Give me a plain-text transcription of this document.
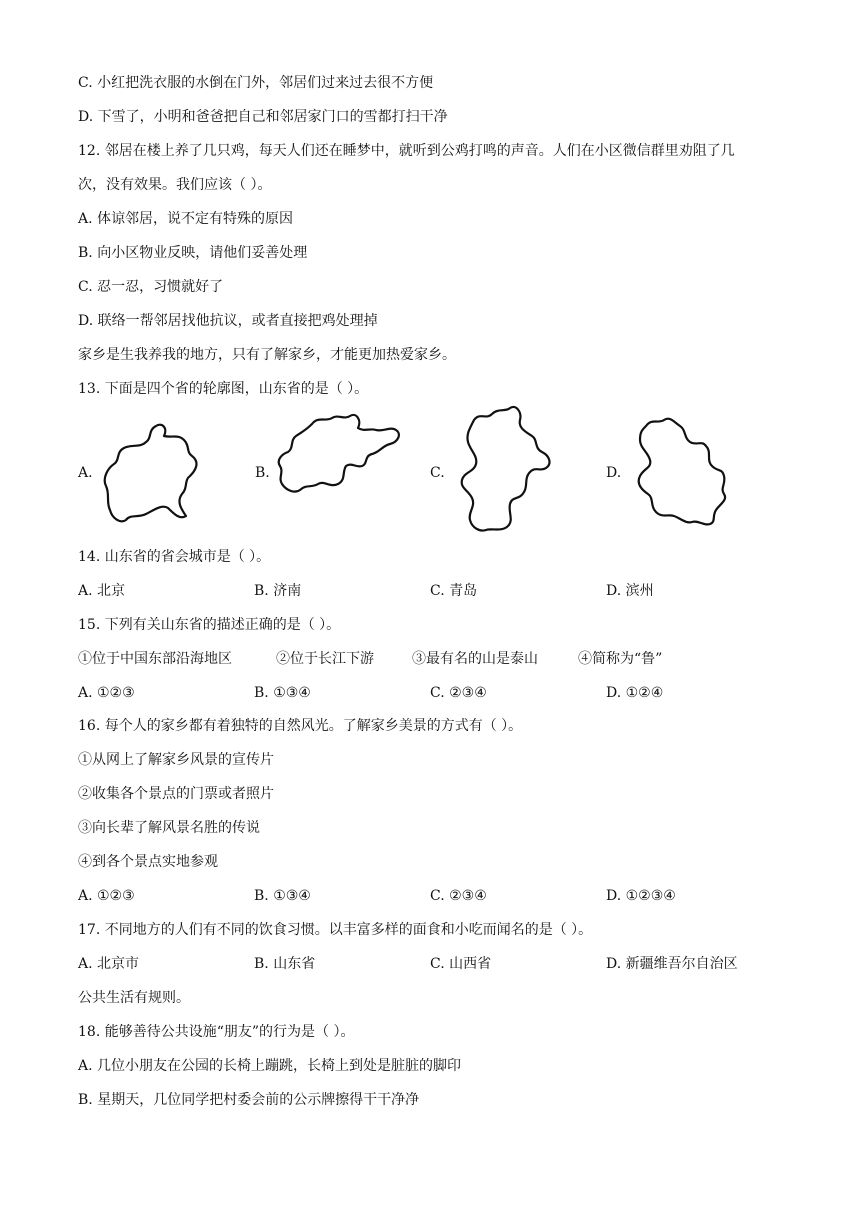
C. 小红把洗衣服的水倒在门外，邻居们过来过去很不方便
D. 下雪了，小明和爸爸把自己和邻居家门口的雪都打扫干净
12. 邻居在楼上养了几只鸡，每天人们还在睡梦中，就听到公鸡打鸣的声音。人们在小区微信群里劝阻了几
次，没有效果。我们应该（ ）。
A. 体谅邻居，说不定有特殊的原因
B. 向小区物业反映，请他们妥善处理
C. 忍一忍，习惯就好了
D. 联络一帮邻居找他抗议，或者直接把鸡处理掉
家乡是生我养我的地方，只有了解家乡，才能更加热爱家乡。
13. 下面是四个省的轮廓图，山东省的是（ ）。
A.	B.	C.	D.
14. 山东省的省会城市是（ ）。
A. 北京	B. 济南	C. 青岛	D. 滨州
15. 下列有关山东省的描述正确的是（ ）。
①位于中国东部沿海地区	②位于长江下游	③最有名的山是泰山	④简称为“鲁”
A. ①②③	B. ①③④	C. ②③④	D. ①②④
16. 每个人的家乡都有着独特的自然风光。了解家乡美景的方式有（ ）。
①从网上了解家乡风景的宣传片
②收集各个景点的门票或者照片
③向长辈了解风景名胜的传说
④到各个景点实地参观
A. ①②③	B. ①③④	C. ②③④	D. ①②③④
17. 不同地方的人们有不同的饮食习惯。以丰富多样的面食和小吃而闻名的是（ ）。
A. 北京市	B. 山东省	C. 山西省	D. 新疆维吾尔自治区
公共生活有规则。
18. 能够善待公共设施“朋友”的行为是（ ）。
A. 几位小朋友在公园的长椅上蹦跳，长椅上到处是脏脏的脚印
B. 星期天，几位同学把村委会前的公示牌擦得干干净净
